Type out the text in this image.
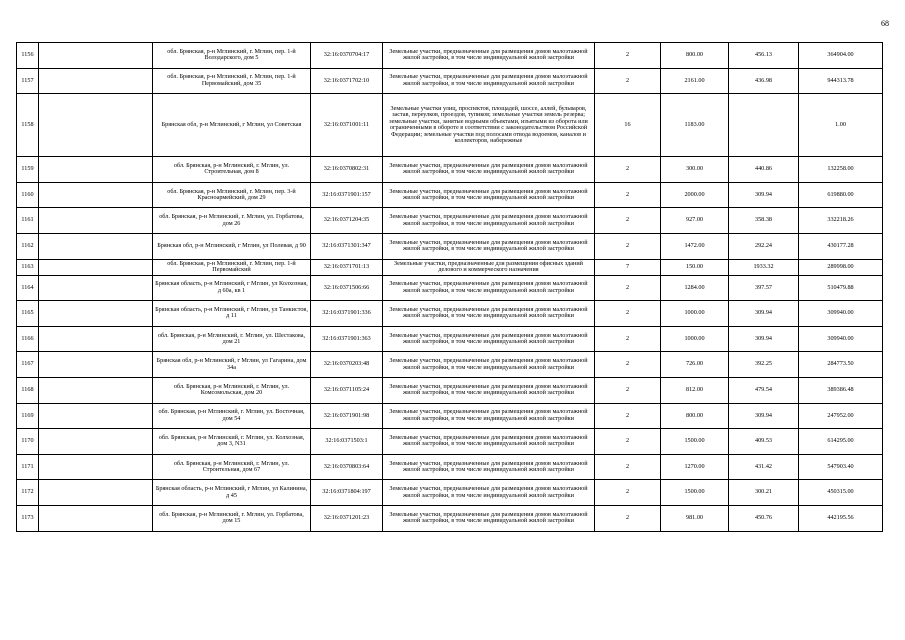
68
1156		обл. Брянская, р-н Мглинский, г. Мглин, пер. 1-й Володарского, дом 5	32:16:0370704:17	Земельные участки, предназначенные для размещения домов малоэтажной жилой застройки, в том числе индивидуальной жилой застройки	2	800.00	456.13	364904.00
1157		обл. Брянская, р-н Мглинский, г. Мглин, пер. 1-й Первомайский, дом 35	32:16:0371702:10	Земельные участки, предназначенные для размещения домов малоэтажной жилой застройки, в том числе индивидуальной жилой застройки	2	2161.00	436.98	944313.78
1158		Брянская обл, р-н Мглинский, г Мглин, ул Советская	32:16:0371001:11	Земельные участки улиц, проспектов, площадей, шоссе, аллей, бульваров, застав, переулков, проездов, тупиков; земельные участки земель резерва; земельные участки, занятые водными объектами, изъятыми из оборота или ограниченными в обороте в соответствии с законодательством Российской Федерации; земельные участки под полосами отвода водоемов, каналов и коллекторов, набережные	16	1183.00		1.00
1159		обл. Брянская, р-н Мглинский, г. Мглин, ул. Строительная, дом 8	32:16:0370802:31	Земельные участки, предназначенные для размещения домов малоэтажной жилой застройки, в том числе индивидуальной жилой застройки	2	300.00	440.86	132258.00
1160		обл. Брянская, р-н Мглинский, г. Мглин, пер. 3-й Красноармейский, дом 29	32:16:0371901:157	Земельные участки, предназначенные для размещения домов малоэтажной жилой застройки, в том числе индивидуальной жилой застройки	2	2000.00	309.94	619880.00
1161		обл. Брянская, р-н Мглинский, г. Мглин, ул. Горбатова, дом 26	32:16:0371204:35	Земельные участки, предназначенные для размещения домов малоэтажной жилой застройки, в том числе индивидуальной жилой застройки	2	927.00	358.38	332218.26
1162		Брянская обл, р-н Мглинский, г Мглин, ул Полевая, д 90	32:16:0371301:347	Земельные участки, предназначенные для размещения домов малоэтажной жилой застройки, в том числе индивидуальной жилой застройки	2	1472.00	292.24	430177.28
1163		обл. Брянская, р-н Мглинский, г. Мглин, пер. 1-й Первомайский	32:16:0371701:13	Земельные участки, предназначенные для размещения офисных зданий делового и коммерческого назначения	7	150.00	1933.32	289998.00
1164		Брянская область, р-н Мглинский, г Мглин, ул Колхозная, д 60а, кв 1	32:16:0371506:66	Земельные участки, предназначенные для размещения домов малоэтажной жилой застройки, в том числе индивидуальной жилой застройки	2	1284.00	397.57	510479.88
1165		Брянская область, р-н Мглинский, г Мглин, ул Танкистов, д 11	32:16:0371901:336	Земельные участки, предназначенные для размещения домов малоэтажной жилой застройки, в том числе индивидуальной жилой застройки	2	1000.00	309.94	309940.00
1166		обл. Брянская, р-н Мглинский, г. Мглин, ул. Шестакова, дом 21	32:16:0371901:363	Земельные участки, предназначенные для размещения домов малоэтажной жилой застройки, в том числе индивидуальной жилой застройки	2	1000.00	309.94	309940.00
1167		Брянская обл, р-н Мглинский, г Мглин, ул Гагарина, дом 34а	32:16:0370203:48	Земельные участки, предназначенные для размещения домов малоэтажной жилой застройки, в том числе индивидуальной жилой застройки	2	726.00	392.25	284773.50
1168		обл. Брянская, р-н Мглинский, г. Мглин, ул. Комсомольская, дом 20	32:16:0371105:24	Земельные участки, предназначенные для размещения домов малоэтажной жилой застройки, в том числе индивидуальной жилой застройки	2	812.00	479.54	389386.48
1169		обл. Брянская, р-н Мглинский, г. Мглин, ул. Восточная, дом 54	32:16:0371901:98	Земельные участки, предназначенные для размещения домов малоэтажной жилой застройки, в том числе индивидуальной жилой застройки	2	800.00	309.94	247952.00
1170		обл. Брянская, р-н Мглинский, г. Мглин, ул. Колхозная, дом 3, N31	32:16:0371503:1	Земельные участки, предназначенные для размещения домов малоэтажной жилой застройки, в том числе индивидуальной жилой застройки	2	1500.00	409.53	614295.00
1171		обл. Брянская, р-н Мглинский, г. Мглин, ул. Строительная, дом 67	32:16:0370803:64	Земельные участки, предназначенные для размещения домов малоэтажной жилой застройки, в том числе индивидуальной жилой застройки	2	1270.00	431.42	547903.40
1172		Брянская область, р-н Мглинский, г Мглин, ул Калинина, д 45	32:16:0371804:197	Земельные участки, предназначенные для размещения домов малоэтажной жилой застройки, в том числе индивидуальной жилой застройки	2	1500.00	300.21	450315.00
1173		обл. Брянская, р-н Мглинский, г. Мглин, ул. Горбатова, дом 15	32:16:0371201:23	Земельные участки, предназначенные для размещения домов малоэтажной жилой застройки, в том числе индивидуальной жилой застройки	2	981.00	450.76	442195.56
